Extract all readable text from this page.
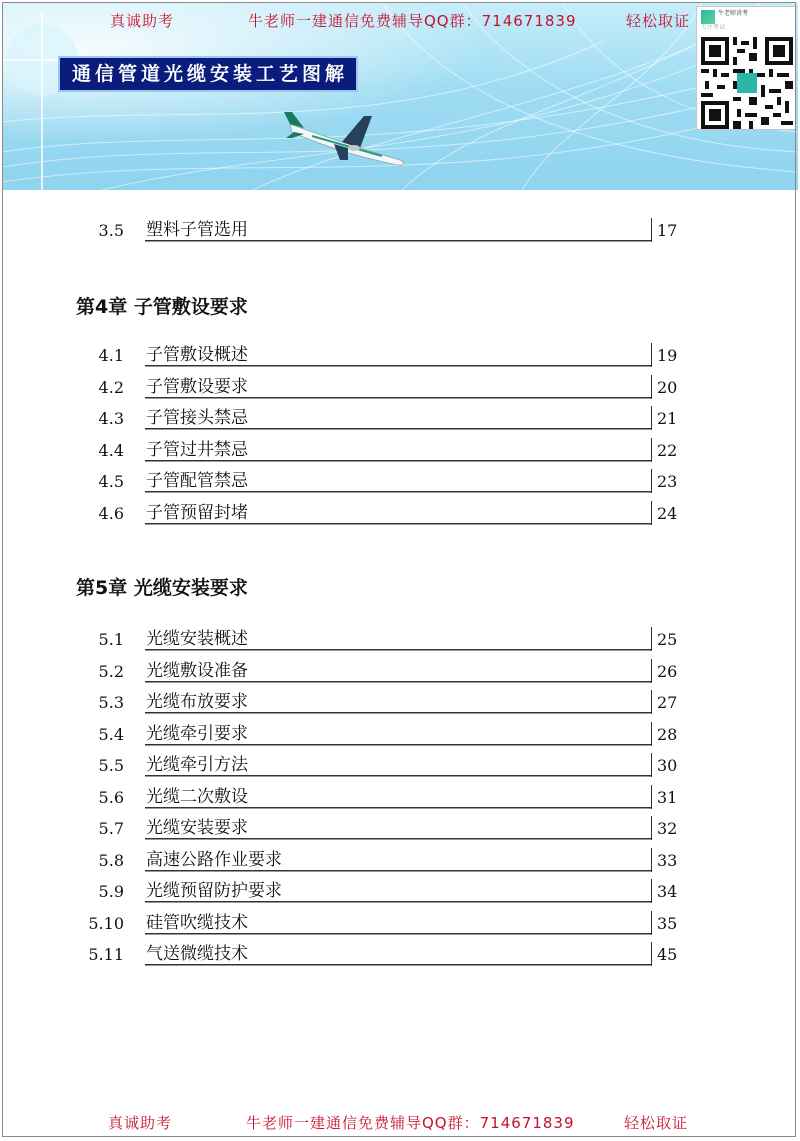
真诚助考	牛老师一建通信免费辅导QQ群：714671839	轻松取证
通信管道光缆安装工艺图解
牛老师讲考
专注考试
3.5 塑料子管选用	17
第4章 子管敷设要求
4.1 子管敷设概述	19
4.2 子管敷设要求	20
4.3 子管接头禁忌	21
4.4 子管过井禁忌	22
4.5 子管配管禁忌	23
4.6 子管预留封堵	24
第5章 光缆安装要求
5.1 光缆安装概述	25
5.2 光缆敷设准备	26
5.3 光缆布放要求	27
5.4 光缆牵引要求	28
5.5 光缆牵引方法	30
5.6 光缆二次敷设	31
5.7 光缆安装要求	32
5.8 高速公路作业要求	33
5.9 光缆预留防护要求	34
5.10 硅管吹缆技术	35
5.11 气送微缆技术	45
真诚助考	牛老师一建通信免费辅导QQ群：714671839	轻松取证
